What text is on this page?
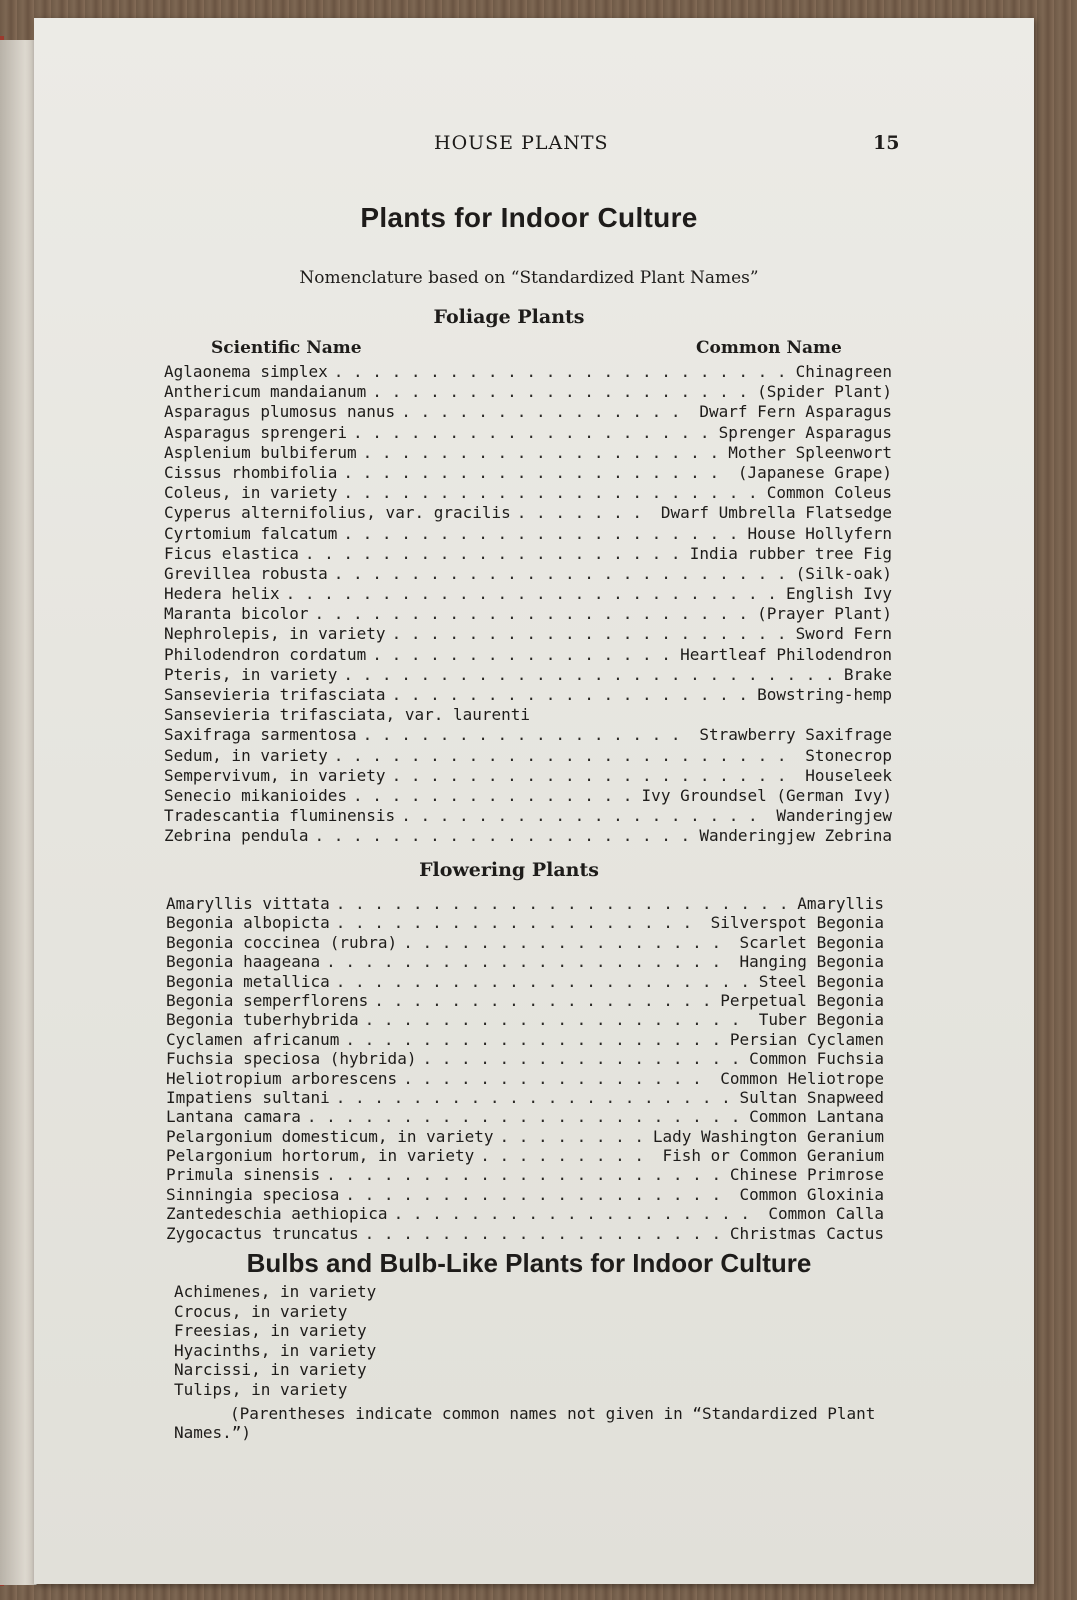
HOUSE PLANTS	15
Plants for Indoor Culture
Nomenclature based on “Standardized Plant Names”
Foliage Plants
Scientific Name	Common Name
Aglaonema simplex . . .	Chinagreen
Anthericum mandaianum . . .	(Spider Plant)
Asparagus plumosus nanus . . .	Dwarf Fern Asparagus
Asparagus sprengeri . . .	Sprenger Asparagus
Asplenium bulbiferum . . .	Mother Spleenwort
Cissus rhombifolia . . .	(Japanese Grape)
Coleus, in variety . . .	Common Coleus
Cyperus alternifolius, var. gracilis . . .	Dwarf Umbrella Flatsedge
Cyrtomium falcatum . . .	House Hollyfern
Ficus elastica . . .	India rubber tree Fig
Grevillea robusta . . .	(Silk-oak)
Hedera helix . . .	English Ivy
Maranta bicolor . . .	(Prayer Plant)
Nephrolepis, in variety . . .	Sword Fern
Philodendron cordatum . . .	Heartleaf Philodendron
Pteris, in variety . . .	Brake
Sansevieria trifasciata . . .	Bowstring-hemp
Sansevieria trifasciata, var. laurenti
Saxifraga sarmentosa . . .	Strawberry Saxifrage
Sedum, in variety . . .	Stonecrop
Sempervivum, in variety . . .	Houseleek
Senecio mikanioides . . .	Ivy Groundsel (German Ivy)
Tradescantia fluminensis . . .	Wanderingjew
Zebrina pendula . . .	Wanderingjew Zebrina
Flowering Plants
Amaryllis vittata . . .	Amaryllis
Begonia albopicta . . .	Silverspot Begonia
Begonia coccinea (rubra) . . .	Scarlet Begonia
Begonia haageana . . .	Hanging Begonia
Begonia metallica . . .	Steel Begonia
Begonia semperflorens . . .	Perpetual Begonia
Begonia tuberhybrida . . .	Tuber Begonia
Cyclamen africanum . . .	Persian Cyclamen
Fuchsia speciosa (hybrida) . . .	Common Fuchsia
Heliotropium arborescens . . .	Common Heliotrope
Impatiens sultani . . .	Sultan Snapweed
Lantana camara . . .	Common Lantana
Pelargonium domesticum, in variety . . .	Lady Washington Geranium
Pelargonium hortorum, in variety . . .	Fish or Common Geranium
Primula sinensis . . .	Chinese Primrose
Sinningia speciosa . . .	Common Gloxinia
Zantedeschia aethiopica . . .	Common Calla
Zygocactus truncatus . . .	Christmas Cactus
Bulbs and Bulb-Like Plants for Indoor Culture
Achimenes, in variety
Crocus, in variety
Freesias, in variety
Hyacinths, in variety
Narcissi, in variety
Tulips, in variety
(Parentheses indicate common names not given in “Standardized Plant Names.”)
